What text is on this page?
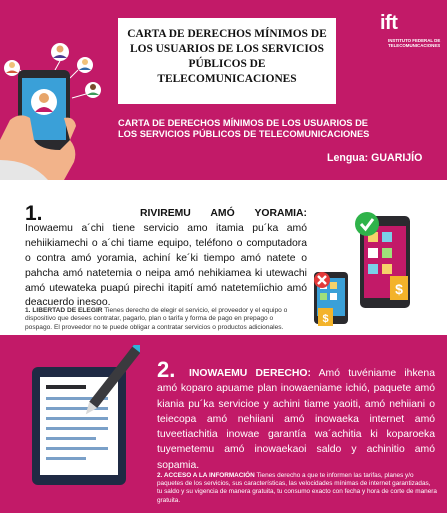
CARTA DE DERECHOS MÍNIMOS DE LOS USUARIOS DE LOS SERVICIOS PÚBLICOS DE TELECOMUNICACIONES
ift
INSTITUTO FEDERAL DE
TELECOMUNICACIONES
CARTA DE DERECHOS MÍNIMOS DE LOS USUARIOS DE
LOS SERVICIOS PÚBLICOS DE TELECOMUNICACIONES
Lengua: GUARIJÍO
1.	RIVIREMU AMÓ YORAMIA: Inowaemu a´chi tiene servicio amo itamia pu´ka amó nehiikiamechi o a´chi tiame equipo, teléfono o computadora o contra amó yoramia, achiní ke´ki tiempo amó natete o pahcha amó natetemia o neipa amó nehikiamea ki utewachi amó utewateka puapú pirechi itapití amó natetemíichio amó deacuerdo inesoo.

1. LIBERTAD DE ELEGIR Tienes derecho de elegir el servicio, el proveedor y el equipo o dispositivo que desees contratar, pagarlo, plan o tarifa y forma de pago en prepago o pospago. El proveedor no te puede obligar a contratar servicios o productos adicionales.

$
$
2.	INOWAEMU DERECHO: Amó tuvéniame ihkena amó koparo apuame plan inowaeniame ichió, paquete amó kiania pu´ka servicioe y achini tiame yaoiti, amó nehiiani o teiecopa amó nehiiani amó inowaeka internet amó tuveetiachitia inowae garantía wa´achitia ki koparoeka tuyemetemu amó inowaekaoi saldo y achinitio amó sopamia.

2. ACCESO A LA INFORMACIÓN Tienes derecho a que te informen las tarifas, planes y/o paquetes de los servicios, sus características, las velocidades mínimas de internet garantizadas, tu saldo y su vigencia de manera gratuita, tu consumo exacto con fecha y hora de corte de manera gratuita.
